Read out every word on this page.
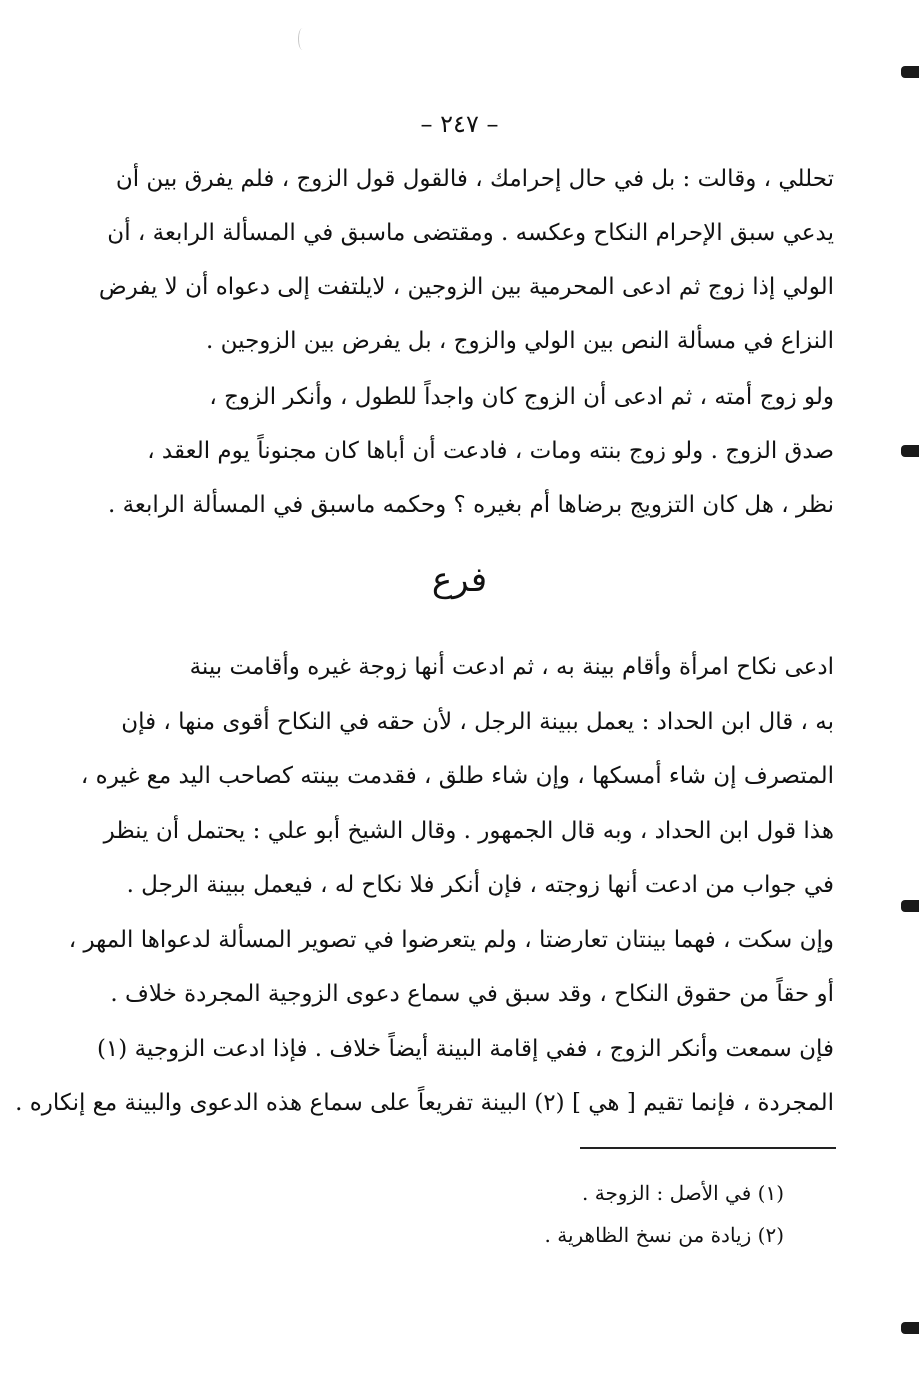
– ٢٤٧ –
تحللي ، وقالت : بل في حال إحرامك ، فالقول قول الزوج ، فلم يفرق بين أن
يدعي سبق الإحرام النكاح وعكسه . ومقتضى ماسبق في المسألة الرابعة ، أن
الولي إذا زوج ثم ادعى المحرمية بين الزوجين ، لايلتفت إلى دعواه أن لا يفرض
النزاع في مسألة النص بين الولي والزوج ، بل يفرض بين الزوجين .
ولو زوج أمته ، ثم ادعى أن الزوج كان واجداً للطول ، وأنكر الزوج ،
صدق الزوج . ولو زوج بنته ومات ، فادعت أن أباها كان مجنوناً يوم العقد ،
نظر ، هل كان التزويج برضاها أم بغيره ؟ وحكمه ماسبق في المسألة الرابعة .
فرع
ادعى نكاح امرأة وأقام بينة به ، ثم ادعت أنها زوجة غيره وأقامت بينة
به ، قال ابن الحداد : يعمل ببينة الرجل ، لأن حقه في النكاح أقوى منها ، فإن
المتصرف إن شاء أمسكها ، وإن شاء طلق ، فقدمت بينته كصاحب اليد مع غيره ،
هذا قول ابن الحداد ، وبه قال الجمهور . وقال الشيخ أبو علي : يحتمل أن ينظر
في جواب من ادعت أنها زوجته ، فإن أنكر فلا نكاح له ، فيعمل ببينة الرجل .
وإن سكت ، فهما بينتان تعارضتا ، ولم يتعرضوا في تصوير المسألة لدعواها المهر ،
أو حقاً من حقوق النكاح ، وقد سبق في سماع دعوى الزوجية المجردة خلاف .
فإن سمعت وأنكر الزوج ، ففي إقامة البينة أيضاً خلاف . فإذا ادعت الزوجية (١)
المجردة ، فإنما تقيم [ هي ] (٢) البينة تفريعاً على سماع هذه الدعوى والبينة مع إنكاره .
(١) في الأصل : الزوجة .
(٢) زيادة من نسخ الظاهرية .
